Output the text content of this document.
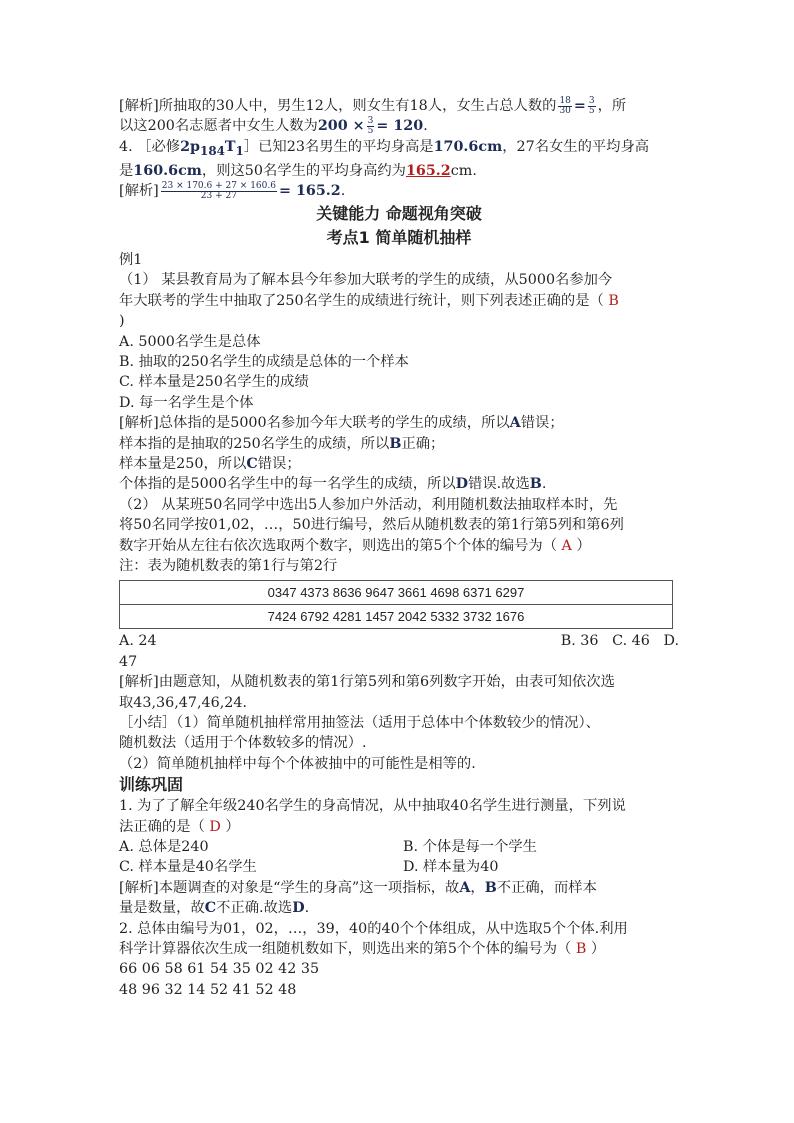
[解析]所抽取的30人中，男生12人，则女生有18人，女生占总人数的 $\frac{18}{30} = \frac{3}{5}$ ，所

以这200名志愿者中女生人数为$200 \times \frac{3}{5} = 120$.

4. ［必修$2p_{184}T_1]$已知23名男生的平均身高是170.6cm，27名女生的平均身高

是160.6cm，则这50名学生的平均身高约为165.2cm.

[解析] $\frac{23 \times 170.6 + 27 \times 160.6}{23 + 27} = 165.2$.

关键能力 命题视角突破

考点1 简单随机抽样

例1

（1） 某县教育局为了解本县今年参加大联考的学生的成绩，从5000名参加今

年大联考的学生中抽取了250名学生的成绩进行统计，则下列表述正确的是（ B

)

A. 5000名学生是总体

B. 抽取的250名学生的成绩是总体的一个样本

C. 样本量是250名学生的成绩

D. 每一名学生是个体

[解析]总体指的是5000名参加今年大联考的学生的成绩，所以A错误；

样本指的是抽取的250名学生的成绩，所以B正确；

样本量是250，所以C错误；

个体指的是5000名学生中的每一名学生的成绩，所以D错误.故选B.

（2） 从某班50名同学中选出5人参加户外活动，利用随机数法抽取样本时，先

将50名同学按01,02，…，50进行编号，然后从随机数表的第1行第5列和第6列

数字开始从左往右依次选取两个数字，则选出的第5个个体的编号为（ A ）

注：表为随机数表的第1行与第2行

0347 4373 8636 9647 3661 4698 6371 6297
7424 6792 4281 1457 2042 5332 3732 1676
A. 24	B. 36 C. 46 D.

47

[解析]由题意知，从随机数表的第1行第5列和第6列数字开始，由表可知依次选

取43,36,47,46,24.

［小结］（1）简单随机抽样常用抽签法（适用于总体中个体数较少的情况）、

随机数法（适用于个体数较多的情况）.

（2）简单随机抽样中每个个体被抽中的可能性是相等的.

训练巩固

1. 为了了解全年级240名学生的身高情况，从中抽取40名学生进行测量，下列说

法正确的是（ D ）

A. 总体是240	B. 个体是每一个学生
C. 样本量是40名学生	D. 样本量为40

[解析]本题调查的对象是“学生的身高”这一项指标，故A，B不正确，而样本

量是数量，故C不正确.故选D.

2. 总体由编号为01，02，…，39，40的40个个体组成，从中选取5个个体.利用

科学计算器依次生成一组随机数如下，则选出来的第5个个体的编号为（ B ）

66 06 58 61 54 35 02 42 35

48 96 32 14 52 41 52 48
